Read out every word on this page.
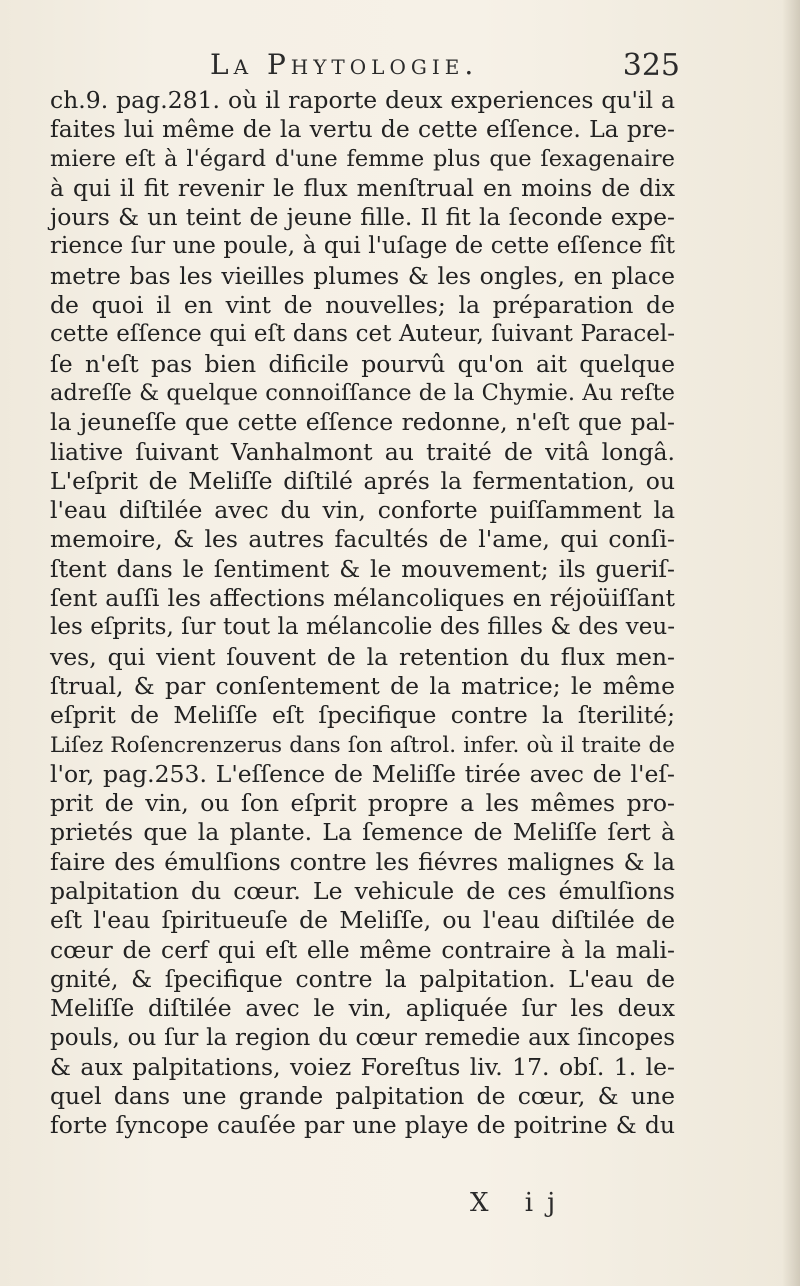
La Phytologie.	325
ch.9. pag.281. où il raporte deux experiences qu'il a
faites lui même de la vertu de cette eſſence. La pre-
miere eſt à l'égard d'une femme plus que ſexagenaire
à qui il fit revenir le flux menſtrual en moins de dix
jours & un teint de jeune fille. Il fit la ſeconde expe-
rience ſur une poule, à qui l'uſage de cette eſſence fît
metre bas les vieilles plumes & les ongles, en place
de quoi il en vint de nouvelles; la préparation de
cette eſſence qui eſt dans cet Auteur, ſuivant Paracel-
ſe n'eſt pas bien dificile pourvû qu'on ait quelque
adreſſe & quelque connoiſſance de la Chymie. Au reſte
la jeuneſſe que cette eſſence redonne, n'eſt que pal-
liative ſuivant Vanhalmont au traité de vitâ longâ.
L'eſprit de Meliſſe diſtilé aprés la fermentation, ou
l'eau diſtilée avec du vin, conforte puiſſamment la
memoire, & les autres facultés de l'ame, qui conſi-
ſtent dans le ſentiment & le mouvement; ils gueriſ-
ſent auſſi les affections mélancoliques en réjoüiſſant
les eſprits, ſur tout la mélancolie des filles & des veu-
ves, qui vient ſouvent de la retention du flux men-
ſtrual, & par conſentement de la matrice; le même
eſprit de Meliſſe eſt ſpecifique contre la ſterilité;
Liſez Roſencrenzerus dans ſon aſtrol. infer. où il traite de
l'or, pag.253. L'eſſence de Meliſſe tirée avec de l'eſ-
prit de vin, ou ſon eſprit propre a les mêmes pro-
prietés que la plante. La ſemence de Meliſſe ſert à
faire des émulſions contre les fiévres malignes & la
palpitation du cœur. Le vehicule de ces émulſions
eſt l'eau ſpiritueuſe de Meliſſe, ou l'eau diſtilée de
cœur de cerf qui eſt elle même contraire à la mali-
gnité, & ſpecifique contre la palpitation. L'eau de
Meliſſe diſtilée avec le vin, apliquée ſur les deux
pouls, ou ſur la region du cœur remedie aux ſincopes
& aux palpitations, voiez Foreſtus liv. 17. obſ. 1. le-
quel dans une grande palpitation de cœur, & une
forte ſyncope cauſée par une playe de poitrine & du
X ij
